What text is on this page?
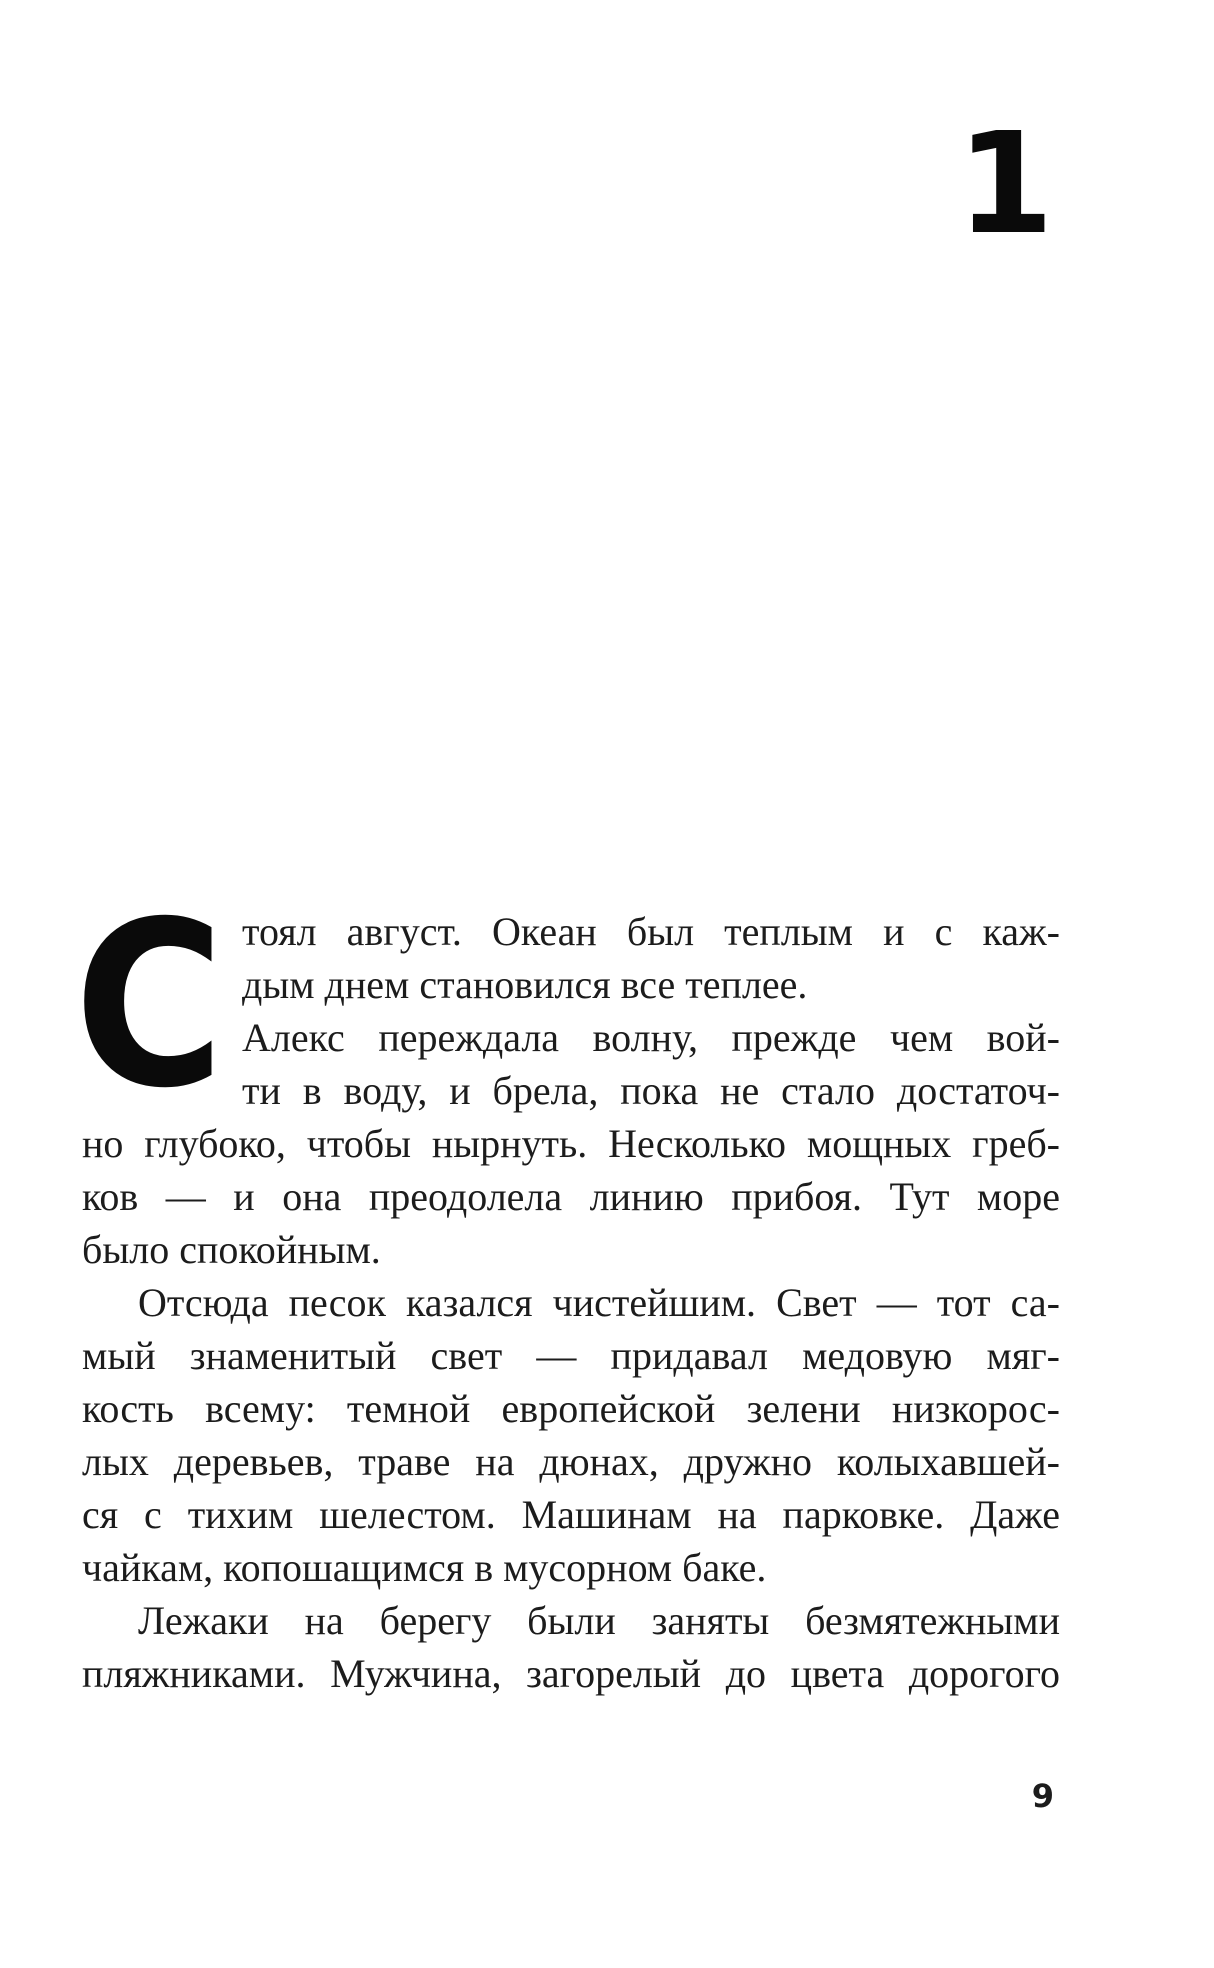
1
С тоял август. Океан был теплым и с каж-
дым днем становился все теплее.
Алекс переждала волну, прежде чем вой-
ти в воду, и брела, пока не стало достаточ-
но глубоко, чтобы нырнуть. Несколько мощных греб-
ков — и она преодолела линию прибоя. Тут море
было спокойным.
Отсюда песок казался чистейшим. Свет — тот са-
мый знаменитый свет — придавал медовую мяг-
кость всему: темной европейской зелени низкорос-
лых деревьев, траве на дюнах, дружно колыхавшей-
ся с тихим шелестом. Машинам на парковке. Даже
чайкам, копошащимся в мусорном баке.
Лежаки на берегу были заняты безмятежными
пляжниками. Мужчина, загорелый до цвета дорогого
9
